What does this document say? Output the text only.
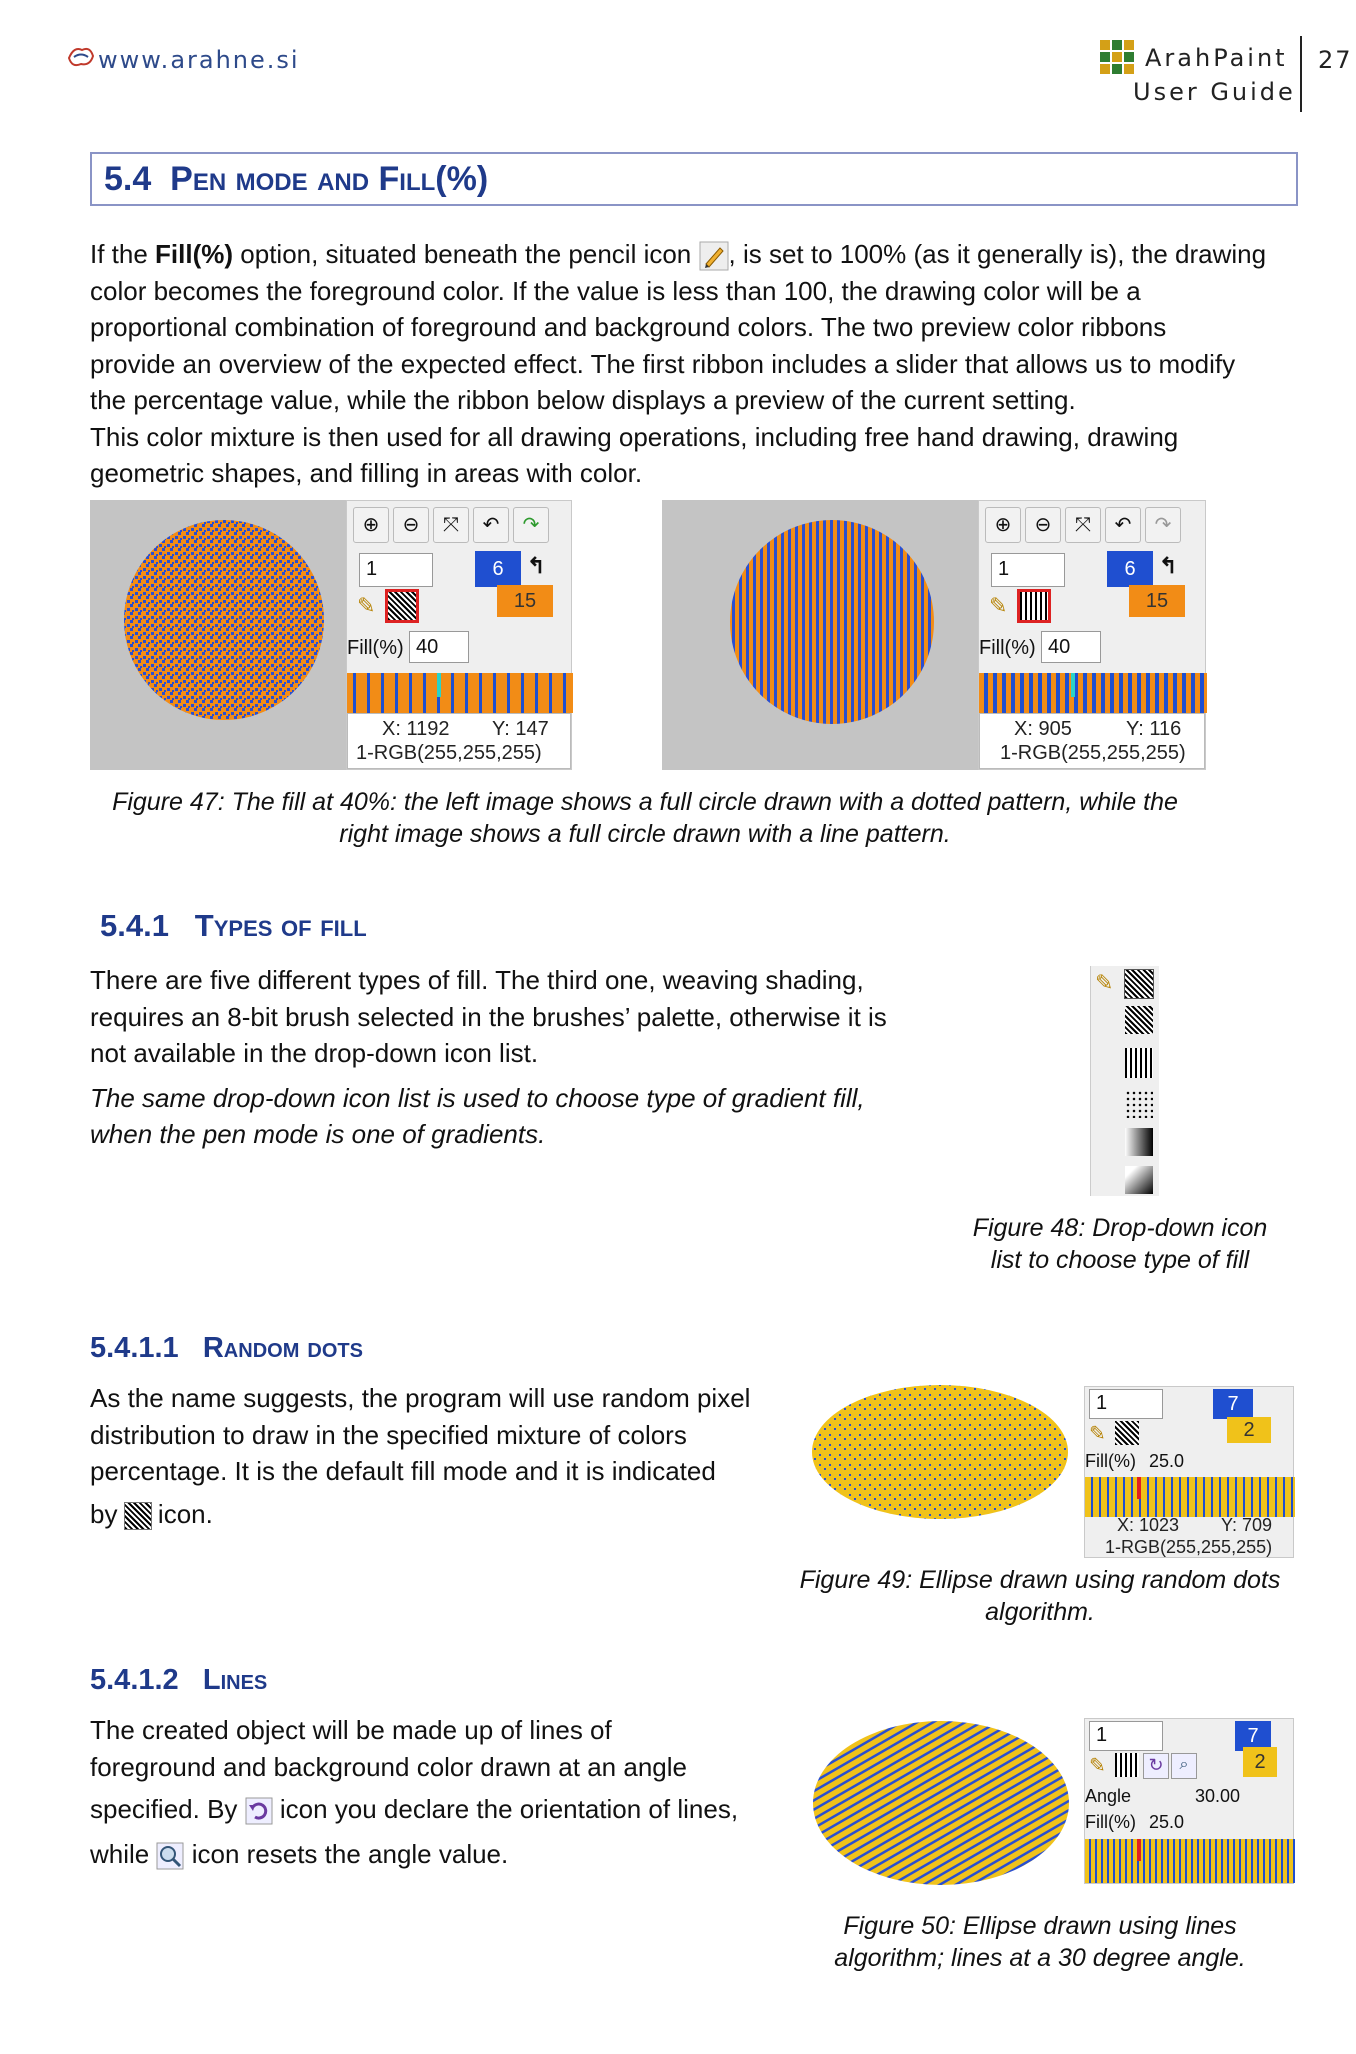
www.arahne.si	ArahPaint
User Guide
27
5.4 Pen mode and Fill(%)
If the Fill(%) option, situated beneath the pencil icon , is set to 100% (as it generally is), the drawing
color becomes the foreground color. If the value is less than 100, the drawing color will be a
proportional combination of foreground and background colors. The two preview color ribbons
provide an overview of the expected effect. The first ribbon includes a slider that allows us to modify
the percentage value, while the ribbon below displays a preview of the current setting.
This color mixture is then used for all drawing operations, including free hand drawing, drawing
geometric shapes, and filling in areas with color.
⊕	⊖	⤧	↶	↷
1	6
15
↰
✎
Fill(%) 40
X: 1192 Y: 147
1-RGB(255,255,255)
⊕	⊖	⤧	↶	↷
1	6
15
↰
✎
Fill(%) 40
X: 905	Y: 116
1-RGB(255,255,255)
Figure 47: The fill at 40%: the left image shows a full circle drawn with a dotted pattern, while the
right image shows a full circle drawn with a line pattern.
5.4.1 Types of fill
There are five different types of fill. The third one, weaving shading,
requires an 8-bit brush selected in the brushes’ palette, otherwise it is
not available in the drop-down icon list.
The same drop-down icon list is used to choose type of gradient fill,
when the pen mode is one of gradients.
✎
Figure 48: Drop-down icon
list to choose type of fill
5.4.1.1 Random dots
As the name suggests, the program will use random pixel
distribution to draw in the specified mixture of colors
percentage. It is the default fill mode and it is indicated
by  icon.
1	7
2
✎
Fill(%) 25.0
X: 1023 Y: 709
1-RGB(255,255,255)
Figure 49: Ellipse drawn using random dots
algorithm.
5.4.1.2 Lines
The created object will be made up of lines of
foreground and background color drawn at an angle
specified. By  icon you declare the orientation of lines,
while  icon resets the angle value.
1	7
2
✎	↻ ⌕
Angle	30.00
Fill(%) 25.0
Figure 50: Ellipse drawn using lines
algorithm; lines at a 30 degree angle.
